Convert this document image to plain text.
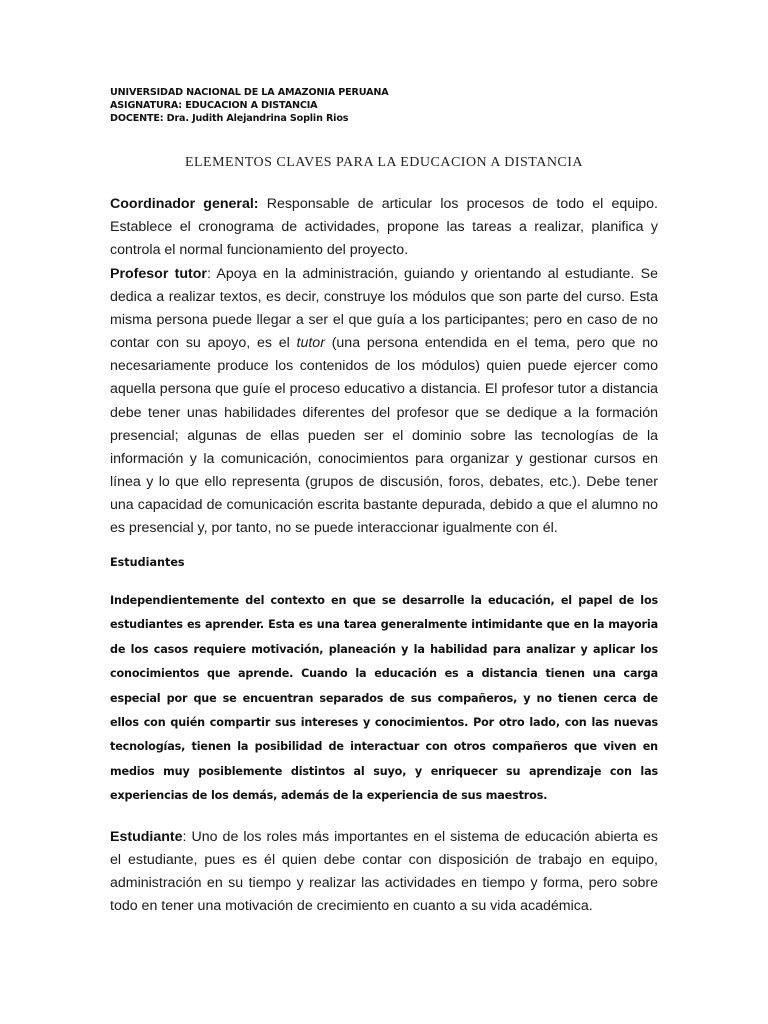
UNIVERSIDAD NACIONAL DE LA AMAZONIA PERUANA
ASIGNATURA: EDUCACION A DISTANCIA
DOCENTE: Dra. Judith Alejandrina Soplin Rios
ELEMENTOS CLAVES PARA LA EDUCACION A DISTANCIA

Coordinador general: Responsable de articular los procesos de todo el equipo. Establece el cronograma de actividades, propone las tareas a realizar, planifica y controla el normal funcionamiento del proyecto.

Profesor tutor: Apoya en la administración, guiando y orientando al estudiante. Se dedica a realizar textos, es decir, construye los módulos que son parte del curso. Esta misma persona puede llegar a ser el que guía a los participantes; pero en caso de no contar con su apoyo, es el tutor (una persona entendida en el tema, pero que no necesariamente produce los contenidos de los módulos) quien puede ejercer como aquella persona que guíe el proceso educativo a distancia. El profesor tutor a distancia debe tener unas habilidades diferentes del profesor que se dedique a la formación presencial; algunas de ellas pueden ser el dominio sobre las tecnologías de la información y la comunicación, conocimientos para organizar y gestionar cursos en línea y lo que ello representa (grupos de discusión, foros, debates, etc.). Debe tener una capacidad de comunicación escrita bastante depurada, debido a que el alumno no es presencial y, por tanto, no se puede interaccionar igualmente con él.

Estudiantes

Independientemente del contexto en que se desarrolle la educación, el papel de los estudiantes es aprender. Esta es una tarea generalmente intimidante que en la mayoria de los casos requiere motivación, planeación y la habilidad para analizar y aplicar los conocimientos que aprende. Cuando la educación es a distancia tienen una carga especial por que se encuentran separados de sus compañeros, y no tienen cerca de ellos con quién compartir sus intereses y conocimientos. Por otro lado, con las nuevas tecnologías, tienen la posibilidad de interactuar con otros compañeros que viven en medios muy posiblemente distintos al suyo, y enriquecer su aprendizaje con las experiencias de los demás, además de la experiencia de sus maestros.

Estudiante: Uno de los roles más importantes en el sistema de educación abierta es el estudiante, pues es él quien debe contar con disposición de trabajo en equipo, administración en su tiempo y realizar las actividades en tiempo y forma, pero sobre todo en tener una motivación de crecimiento en cuanto a su vida académica.
